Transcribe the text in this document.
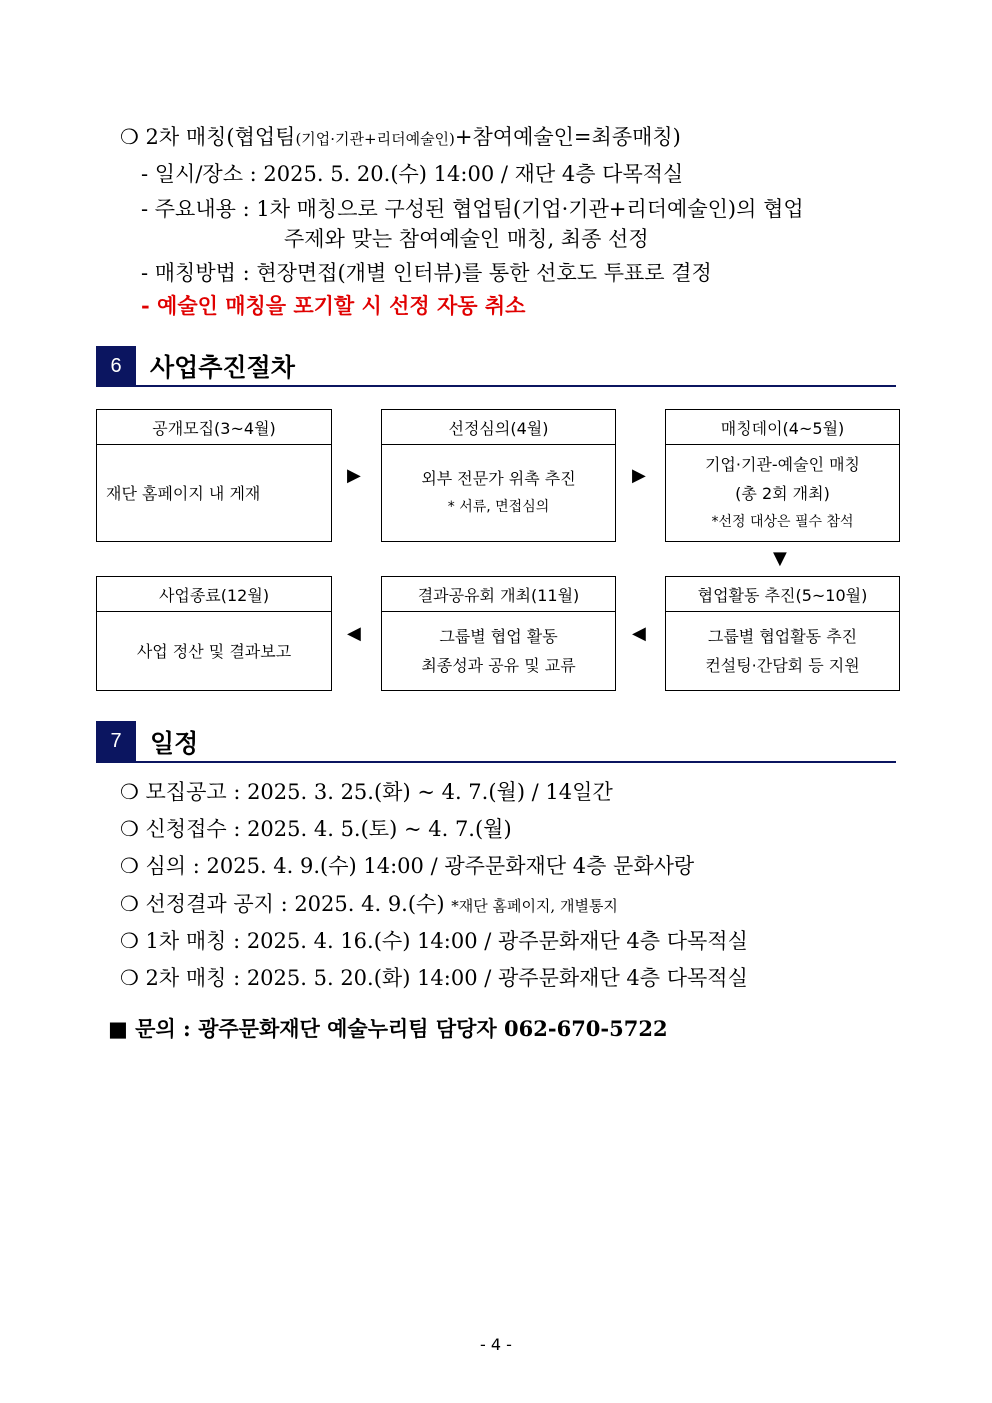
❍ 2차 매칭(협업팀(기업·기관+리더예술인)+참여예술인=최종매칭)
- 일시/장소 : 2025. 5. 20.(수) 14:00 / 재단 4층 다목적실
- 주요내용 : 1차 매칭으로 구성된 협업팀(기업·기관+리더예술인)의 협업
주제와 맞는 참여예술인 매칭, 최종 선정
- 매칭방법 : 현장면접(개별 인터뷰)를 통한 선호도 투표로 결정
- 예술인 매칭을 포기할 시 선정 자동 취소
6	사업추진절차
공개모집(3~4월)
재단 홈페이지 내 게재
▶
선정심의(4월)
외부 전문가 위촉 추진
* 서류, 면접심의
▶
매칭데이(4~5월)
기업·기관-예술인 매칭
(총 2회 개최)
*선정 대상은 필수 참석
▼
사업종료(12월)
사업 정산 및 결과보고
◀
결과공유회 개최(11월)
그룹별 협업 활동
최종성과 공유 및 교류
◀
협업활동 추진(5~10월)
그룹별 협업활동 추진
컨설팅·간담회 등 지원
7	일정
❍ 모집공고 : 2025. 3. 25.(화) ~ 4. 7.(월) / 14일간
❍ 신청접수 : 2025. 4. 5.(토) ~ 4. 7.(월)
❍ 심의 : 2025. 4. 9.(수) 14:00 / 광주문화재단 4층 문화사랑
❍ 선정결과 공지 : 2025. 4. 9.(수) *재단 홈페이지, 개별통지
❍ 1차 매칭 : 2025. 4. 16.(수) 14:00 / 광주문화재단 4층 다목적실
❍ 2차 매칭 : 2025. 5. 20.(화) 14:00 / 광주문화재단 4층 다목적실
■ 문의 : 광주문화재단 예술누리팀 담당자 062-670-5722
- 4 -
